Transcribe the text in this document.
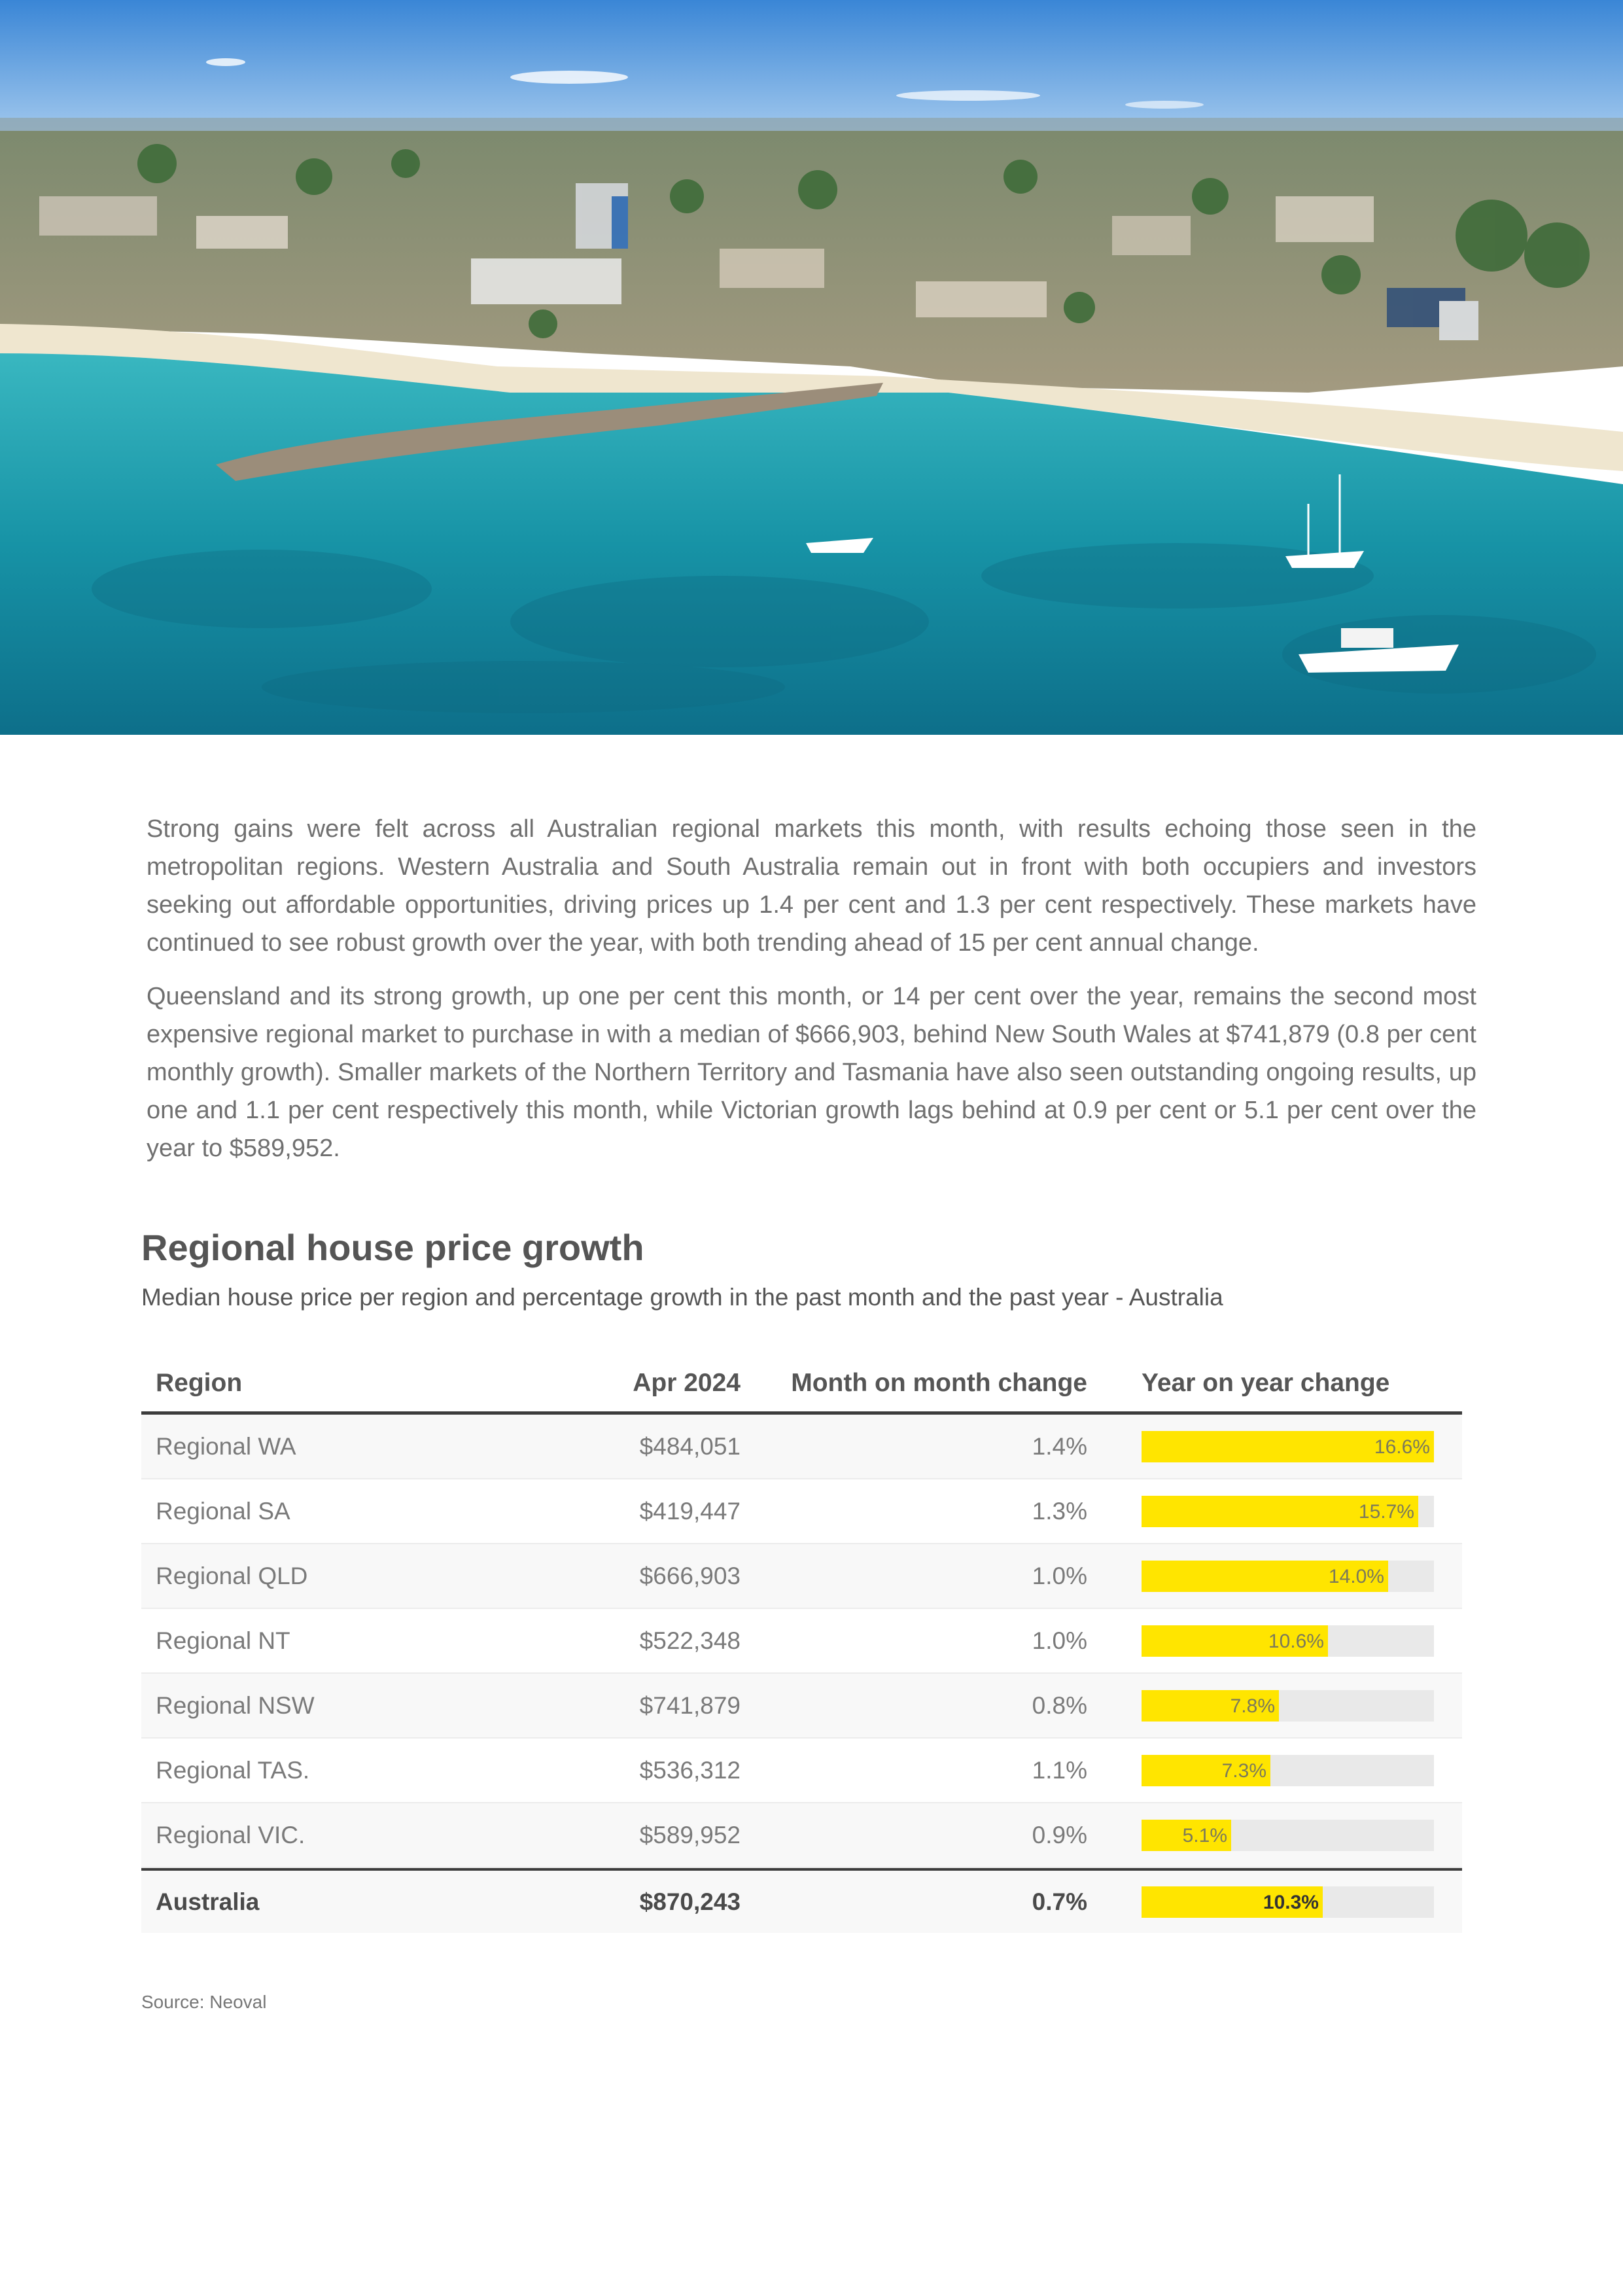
Strong gains were felt across all Australian regional markets this month, with results echoing those seen in the metropolitan regions. Western Australia and South Australia remain out in front with both occupiers and investors seeking out affordable opportunities, driving prices up 1.4 per cent and 1.3 per cent respectively. These markets have continued to see robust growth over the year, with both trending ahead of 15 per cent annual change.

Queensland and its strong growth, up one per cent this month, or 14 per cent over the year, remains the second most expensive regional market to purchase in with a median of $666,903, behind New South Wales at $741,879 (0.8 per cent monthly growth). Smaller markets of the Northern Territory and Tasmania have also seen outstanding ongoing results, up one and 1.1 per cent respectively this month, while Victorian growth lags behind at 0.9 per cent or 5.1 per cent over the year to $589,952.

Regional house price growth
Median house price per region and percentage growth in the past month and the past year - Australia
Region	Apr 2024	Month on month change	Year on year change
Regional WA	$484,051	1.4%	16.6%
Regional SA	$419,447	1.3%	15.7%
Regional QLD	$666,903	1.0%	14.0%
Regional NT	$522,348	1.0%	10.6%
Regional NSW	$741,879	0.8%	7.8%
Regional TAS.	$536,312	1.1%	7.3%
Regional VIC.	$589,952	0.9%	5.1%
Australia	$870,243	0.7%	10.3%
Source: Neoval
